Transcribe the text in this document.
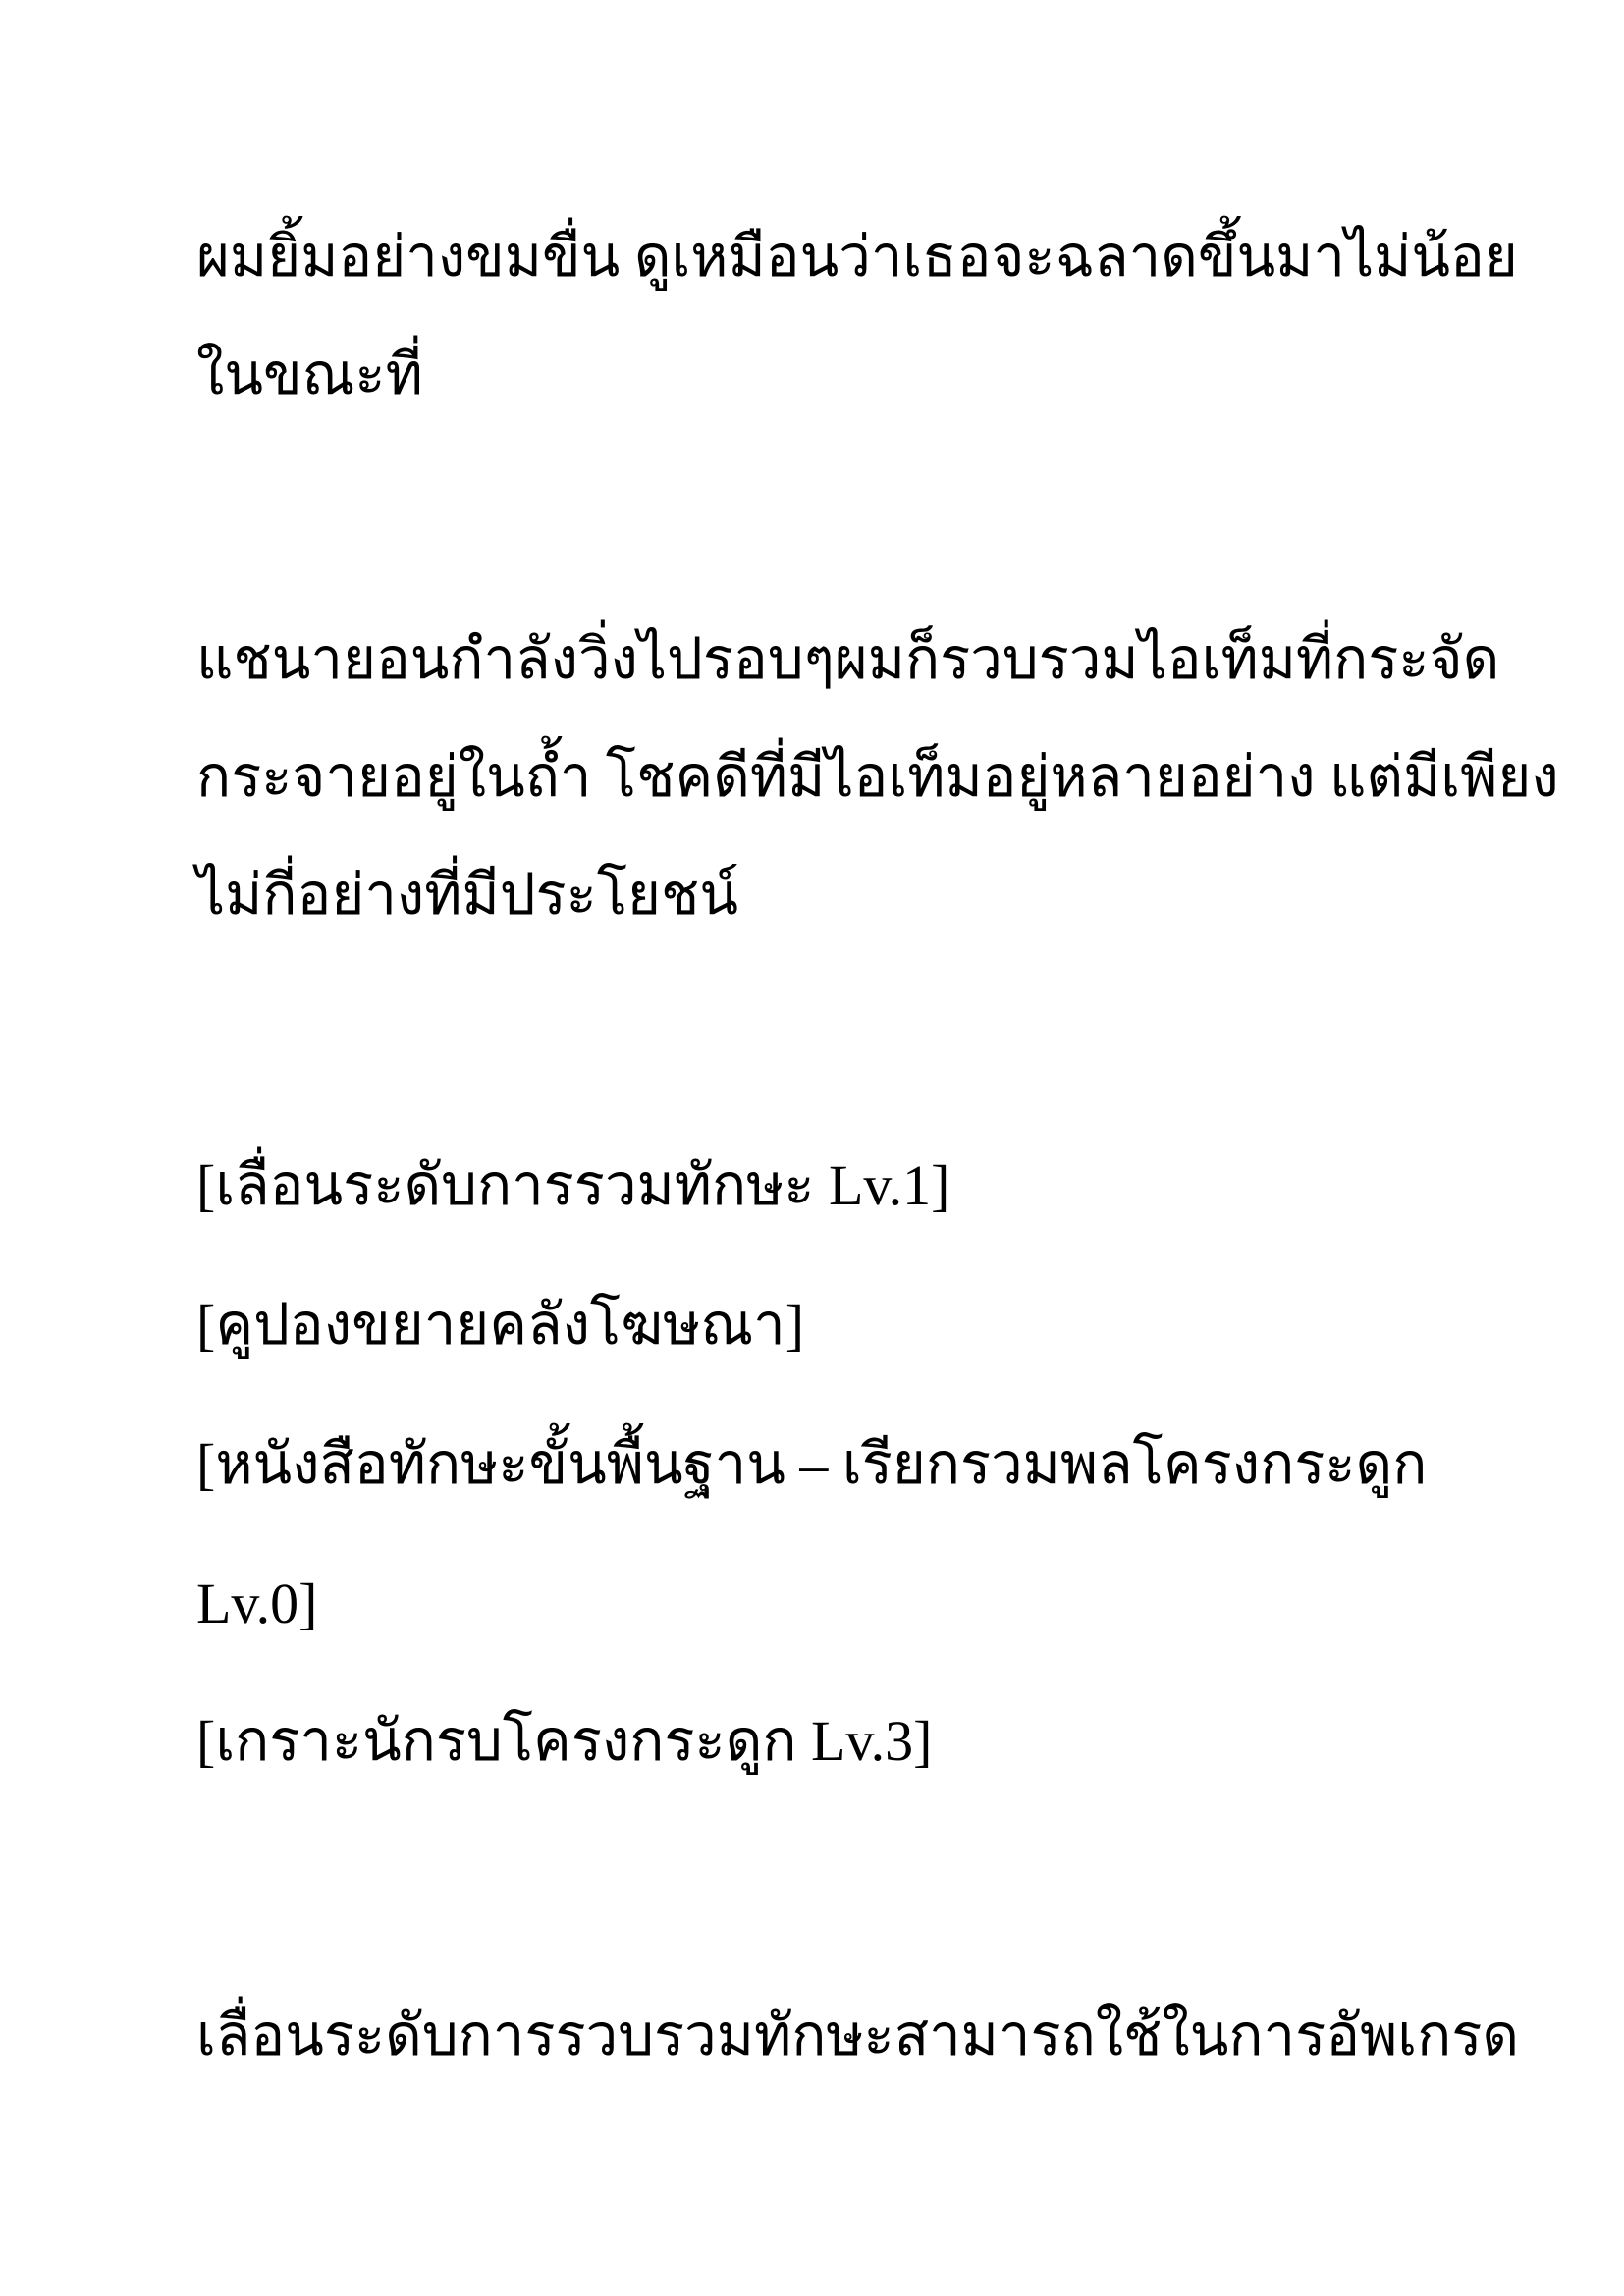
ผมยิ้มอย่างขมขื่น ดูเหมือนว่าเธอจะฉลาดขึ้นมาไม่น้อย

ในขณะที่

แชนายอนกำลังวิ่งไปรอบๆผมก็รวบรวมไอเท็มที่กระจัด

กระจายอยู่ในถ้ำ โชคดีที่มีไอเท็มอยู่หลายอย่าง แต่มีเพียง

ไม่กี่อย่างที่มีประโยชน์

[เลื่อนระดับการรวมทักษะ Lv.1]

[คูปองขยายคลังโฆษณา]

[หนังสือทักษะขั้นพื้นฐาน – เรียกรวมพลโครงกระดูก

Lv.0]

[เกราะนักรบโครงกระดูก Lv.3]

เลื่อนระดับการรวบรวมทักษะสามารถใช้ในการอัพเกรด
